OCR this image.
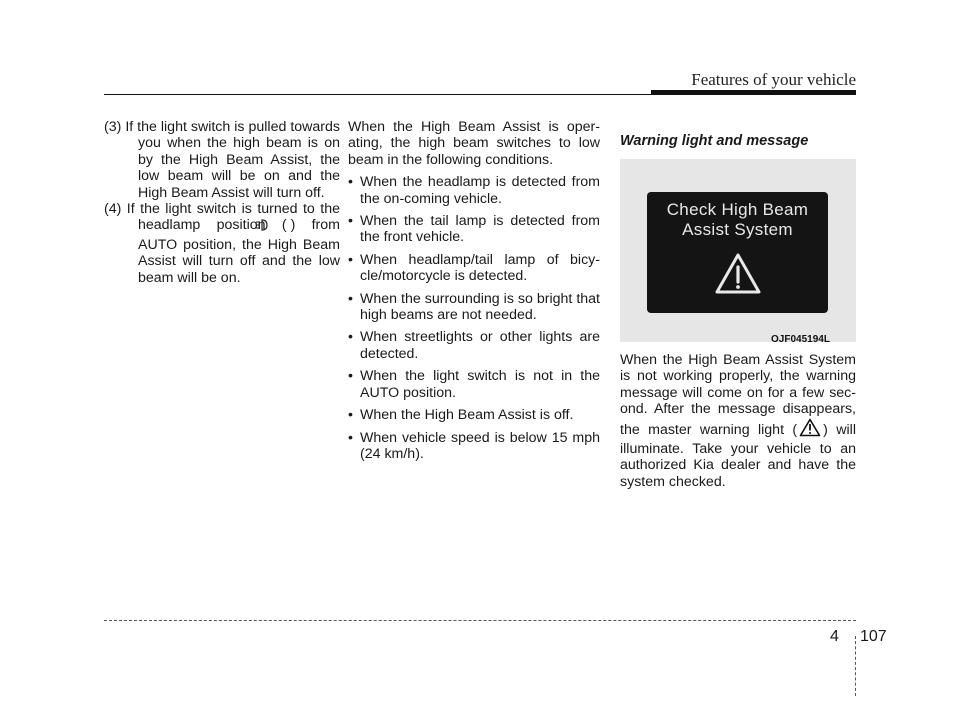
Features of your vehicle

(3) If the light switch is pulled towards you when the high beam is on by the High Beam Assist, the low beam will be on and the High Beam Assist will turn off.

(4) If the light switch is turned to the headlamp position ( ) from AUTO position, the High Beam Assist will turn off and the low beam will be on.

When the High Beam Assist is oper-ating, the high beam switches to low beam in the following conditions.

• When the headlamp is detected from the on-coming vehicle.
• When the tail lamp is detected from the front vehicle.
• When headlamp/tail lamp of bicy-cle/motorcycle is detected.
• When the surrounding is so bright that high beams are not needed.
• When streetlights or other lights are detected.
• When the light switch is not in the AUTO position.
• When the High Beam Assist is off.
• When vehicle speed is below 15 mph (24 km/h).

Warning light and message

Check High Beam
Assist System
OJF045194L

When the High Beam Assist System is not working properly, the warning message will come on for a few sec-ond. After the message disappears, the master warning light ( ) will illuminate. Take your vehicle to an authorized Kia dealer and have the system checked.

4 107
